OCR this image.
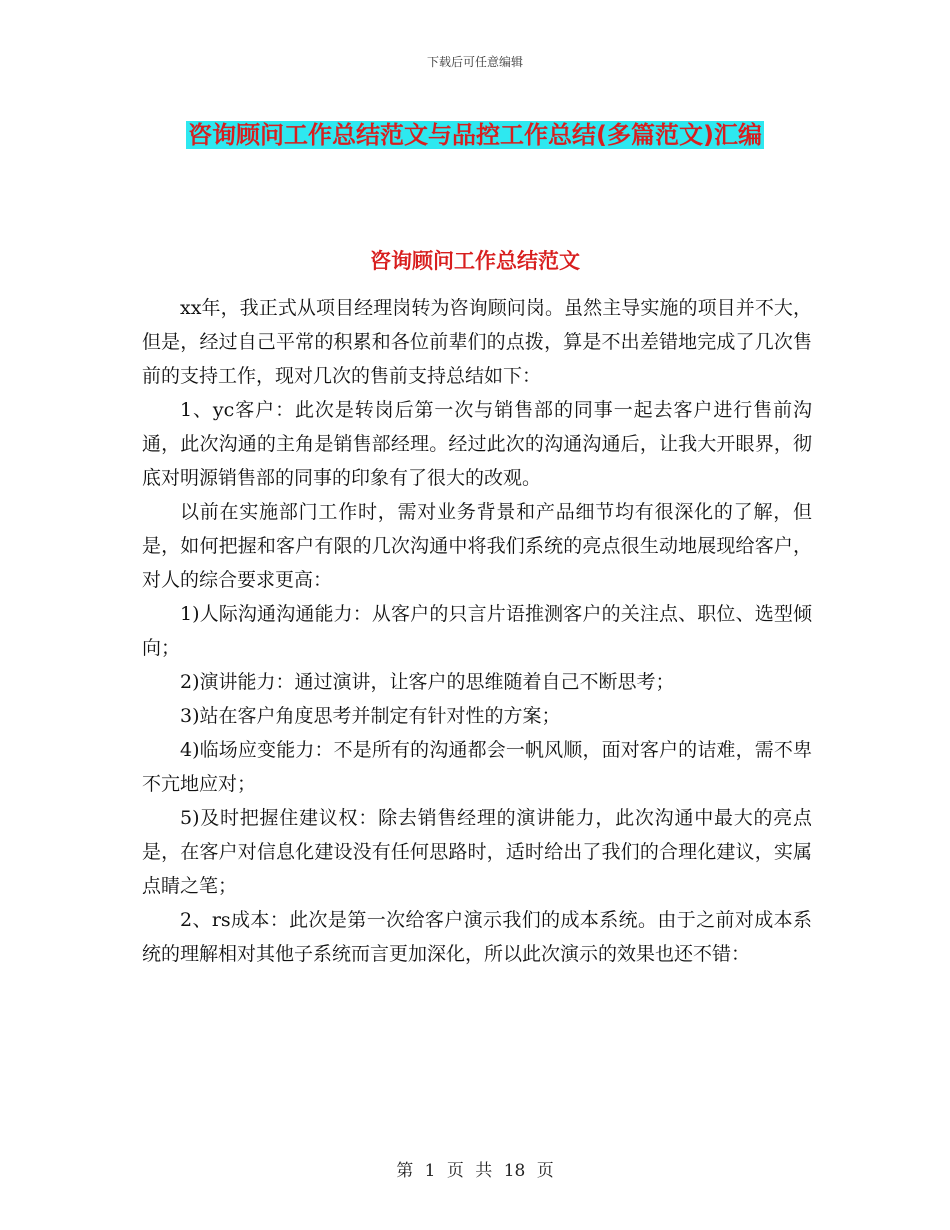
下载后可任意编辑
咨询顾问工作总结范文与品控工作总结(多篇范文)汇编
咨询顾问工作总结范文

xx年，我正式从项目经理岗转为咨询顾问岗。虽然主导实施的项目并不大，但是，经过自己平常的积累和各位前辈们的点拨，算是不出差错地完成了几次售前的支持工作，现对几次的售前支持总结如下：

1、yc客户：此次是转岗后第一次与销售部的同事一起去客户进行售前沟通，此次沟通的主角是销售部经理。经过此次的沟通沟通后，让我大开眼界，彻底对明源销售部的同事的印象有了很大的改观。

以前在实施部门工作时，需对业务背景和产品细节均有很深化的了解，但是，如何把握和客户有限的几次沟通中将我们系统的亮点很生动地展现给客户，对人的综合要求更高：

1)人际沟通沟通能力：从客户的只言片语推测客户的关注点、职位、选型倾向；

2)演讲能力：通过演讲，让客户的思维随着自己不断思考；

3)站在客户角度思考并制定有针对性的方案；

4)临场应变能力：不是所有的沟通都会一帆风顺，面对客户的诘难，需不卑不亢地应对；

5)及时把握住建议权：除去销售经理的演讲能力，此次沟通中最大的亮点是，在客户对信息化建设没有任何思路时，适时给出了我们的合理化建议，实属点睛之笔；

2、rs成本：此次是第一次给客户演示我们的成本系统。由于之前对成本系统的理解相对其他子系统而言更加深化，所以此次演示的效果也还不错：

第 1 页 共 18 页
